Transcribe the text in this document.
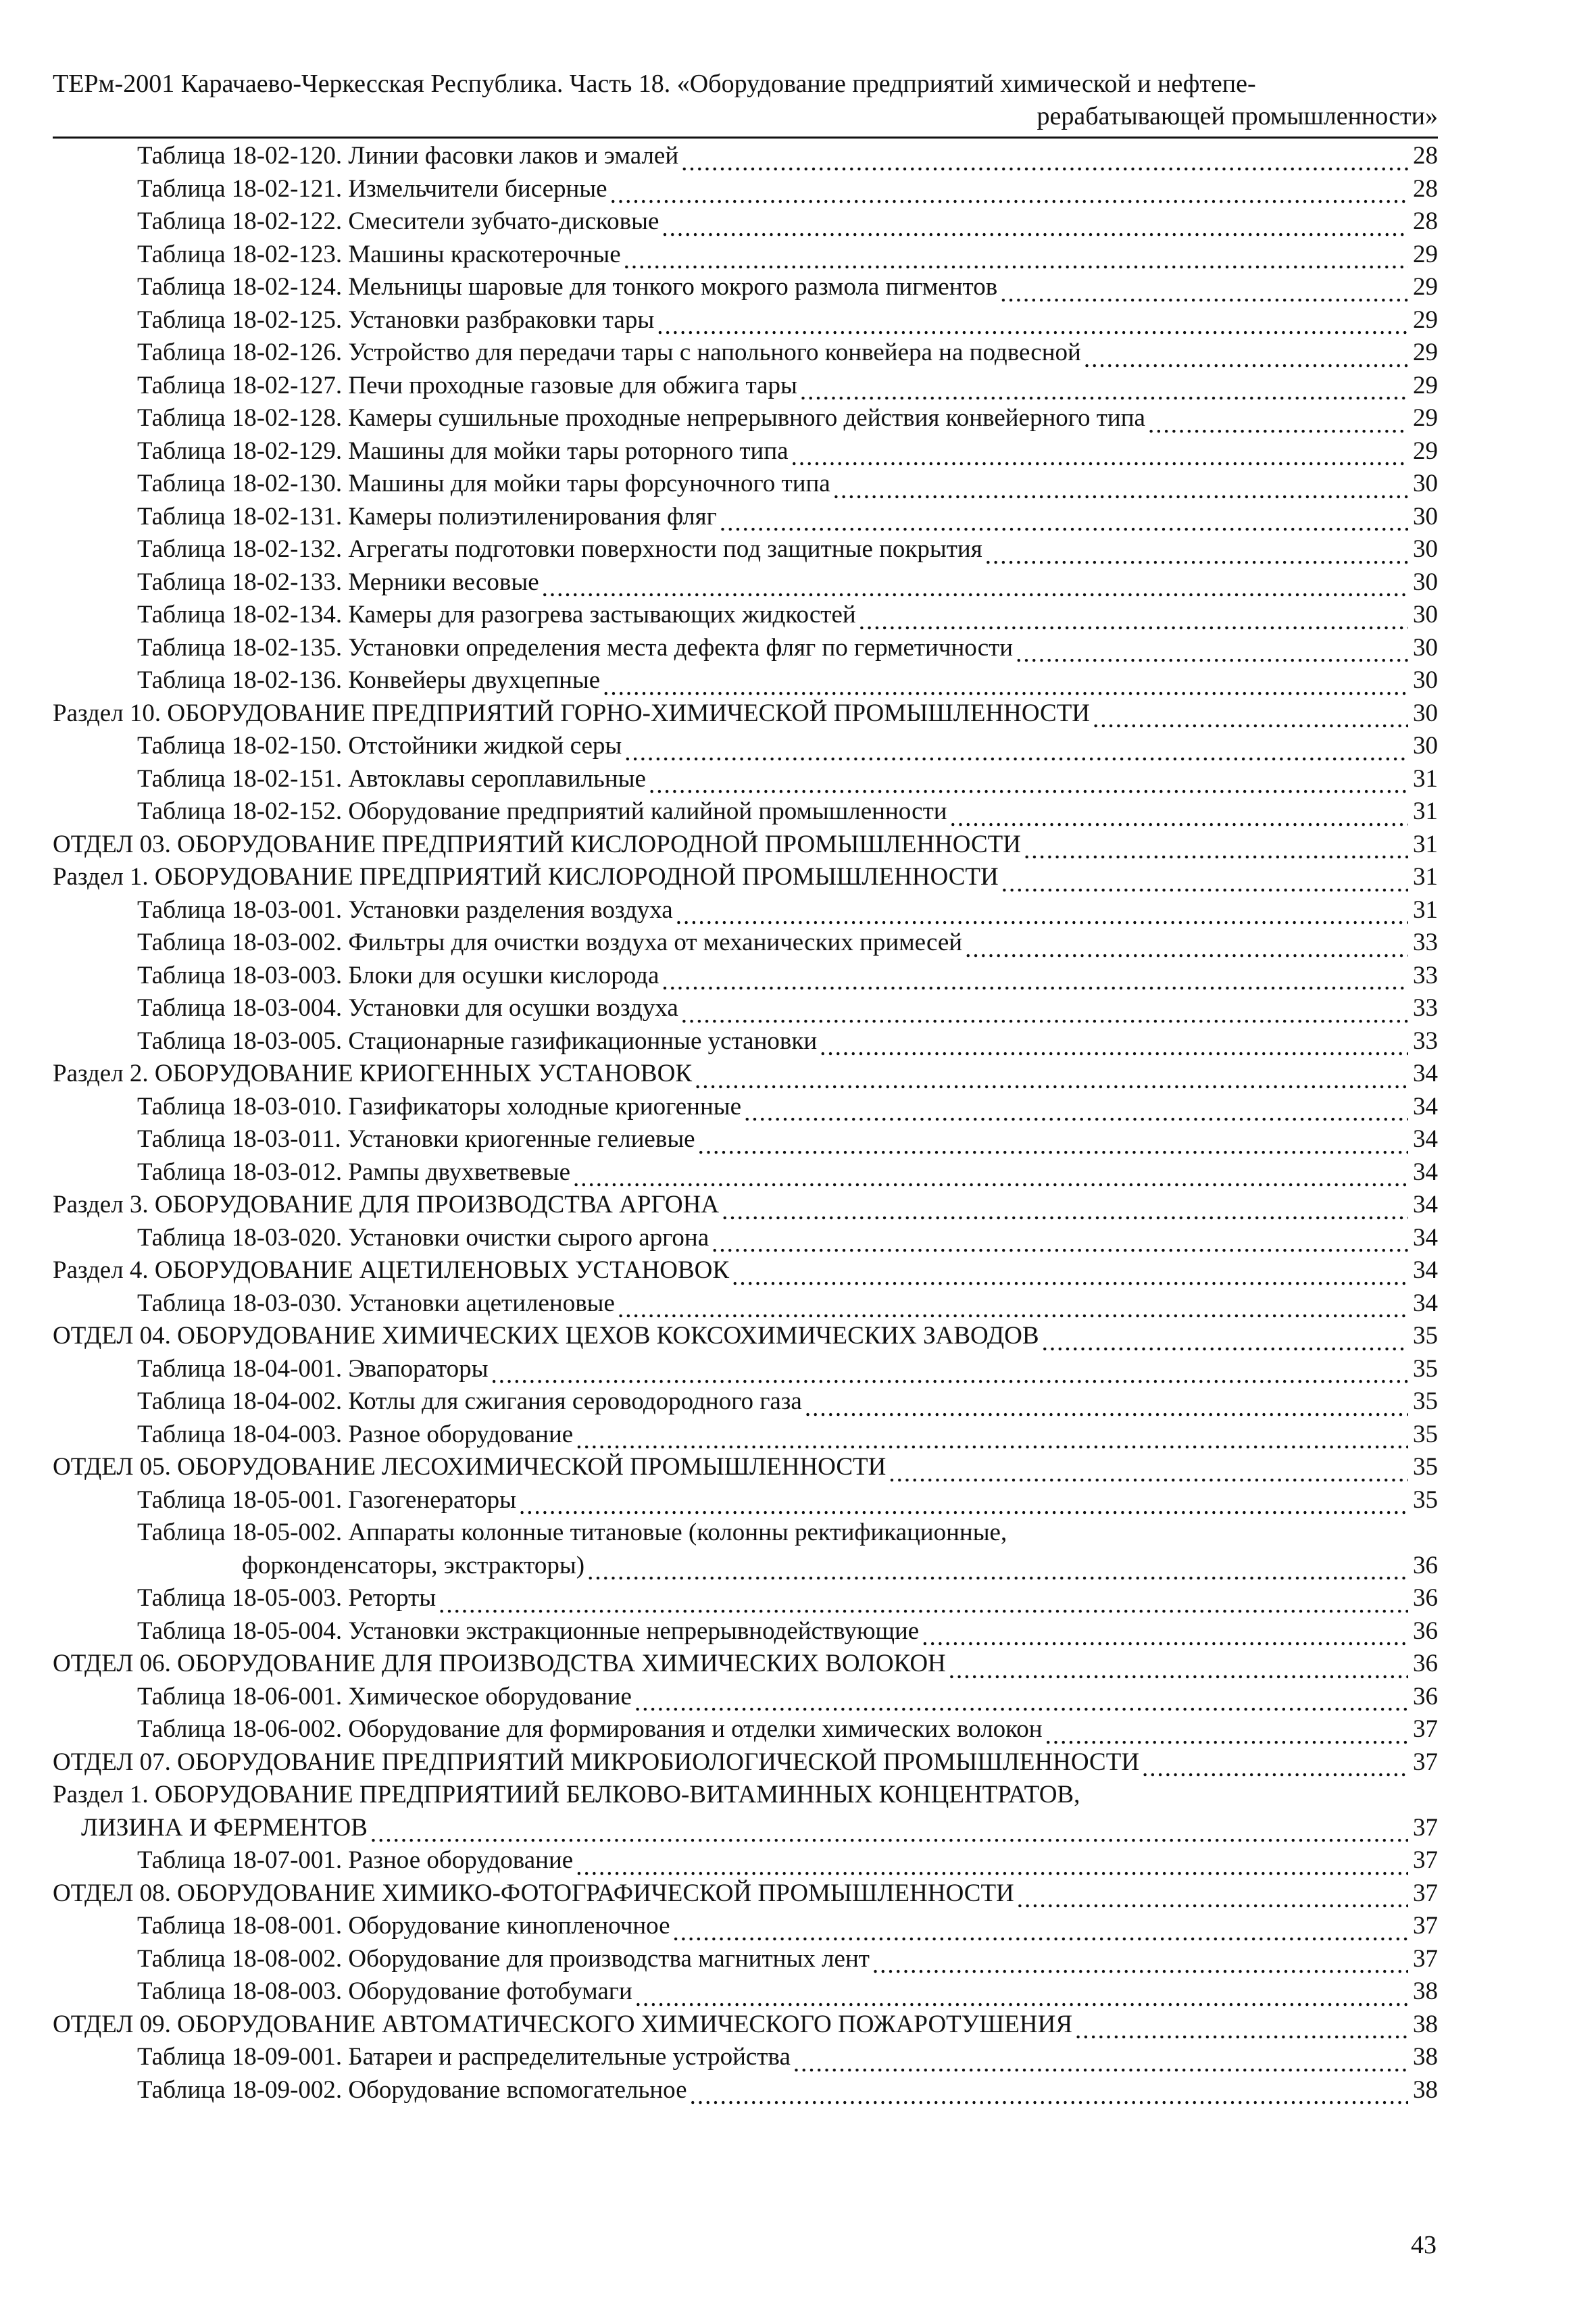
ТЕРм-2001 Карачаево-Черкесская Республика. Часть 18. «Оборудование предприятий химической и нефтепе-
рерабатывающей промышленности»
Таблица 18-02-120. Линии фасовки лаков и эмалей .....	28
Таблица 18-02-121. Измельчители бисерные .....	28
Таблица 18-02-122. Смесители зубчато-дисковые .....	28
Таблица 18-02-123. Машины краскотерочные .....	29
Таблица 18-02-124. Мельницы шаровые для тонкого мокрого размола пигментов .....	29
Таблица 18-02-125. Установки разбраковки тары .....	29
Таблица 18-02-126. Устройство для передачи тары с напольного конвейера на подвесной .....	29
Таблица 18-02-127. Печи проходные газовые для обжига тары .....	29
Таблица 18-02-128. Камеры сушильные проходные непрерывного действия конвейерного типа .....	29
Таблица 18-02-129. Машины для мойки тары роторного типа .....	29
Таблица 18-02-130. Машины для мойки тары форсуночного типа .....	30
Таблица 18-02-131. Камеры полиэтиленирования фляг .....	30
Таблица 18-02-132. Агрегаты подготовки поверхности под защитные покрытия .....	30
Таблица 18-02-133. Мерники весовые .....	30
Таблица 18-02-134. Камеры для разогрева застывающих жидкостей .....	30
Таблица 18-02-135. Установки определения места дефекта фляг по герметичности .....	30
Таблица 18-02-136. Конвейеры двухцепные .....	30
Раздел 10. ОБОРУДОВАНИЕ ПРЕДПРИЯТИЙ ГОРНО-ХИМИЧЕСКОЙ ПРОМЫШЛЕННОСТИ .....	30
Таблица 18-02-150. Отстойники жидкой серы .....	30
Таблица 18-02-151. Автоклавы сероплавильные .....	31
Таблица 18-02-152. Оборудование предприятий калийной промышленности .....	31
ОТДЕЛ 03. ОБОРУДОВАНИЕ ПРЕДПРИЯТИЙ КИСЛОРОДНОЙ ПРОМЫШЛЕННОСТИ .....	31
Раздел 1. ОБОРУДОВАНИЕ ПРЕДПРИЯТИЙ КИСЛОРОДНОЙ ПРОМЫШЛЕННОСТИ .....	31
Таблица 18-03-001. Установки разделения воздуха .....	31
Таблица 18-03-002. Фильтры для очистки воздуха от механических примесей .....	33
Таблица 18-03-003. Блоки для осушки кислорода .....	33
Таблица 18-03-004. Установки для осушки воздуха .....	33
Таблица 18-03-005. Стационарные газификационные установки .....	33
Раздел 2. ОБОРУДОВАНИЕ КРИОГЕННЫХ УСТАНОВОК .....	34
Таблица 18-03-010. Газификаторы холодные криогенные .....	34
Таблица 18-03-011. Установки криогенные гелиевые .....	34
Таблица 18-03-012. Рампы двухветвевые .....	34
Раздел 3. ОБОРУДОВАНИЕ ДЛЯ ПРОИЗВОДСТВА АРГОНА .....	34
Таблица 18-03-020. Установки очистки сырого аргона .....	34
Раздел 4. ОБОРУДОВАНИЕ АЦЕТИЛЕНОВЫХ УСТАНОВОК .....	34
Таблица 18-03-030. Установки ацетиленовые .....	34
ОТДЕЛ 04. ОБОРУДОВАНИЕ ХИМИЧЕСКИХ ЦЕХОВ КОКСОХИМИЧЕСКИХ ЗАВОДОВ .....	35
Таблица 18-04-001. Эвапораторы .....	35
Таблица 18-04-002. Котлы для сжигания сероводородного газа .....	35
Таблица 18-04-003. Разное оборудование .....	35
ОТДЕЛ 05. ОБОРУДОВАНИЕ ЛЕСОХИМИЧЕСКОЙ ПРОМЫШЛЕННОСТИ .....	35
Таблица 18-05-001. Газогенераторы .....	35
Таблица 18-05-002. Аппараты колонные титановые (колонны ректификационные,
форконденсаторы, экстракторы) .....	36
Таблица 18-05-003. Реторты .....	36
Таблица 18-05-004. Установки экстракционные непрерывнодействующие .....	36
ОТДЕЛ 06. ОБОРУДОВАНИЕ ДЛЯ ПРОИЗВОДСТВА ХИМИЧЕСКИХ ВОЛОКОН .....	36
Таблица 18-06-001. Химическое оборудование .....	36
Таблица 18-06-002. Оборудование для формирования и отделки химических волокон .....	37
ОТДЕЛ 07. ОБОРУДОВАНИЕ ПРЕДПРИЯТИЙ МИКРОБИОЛОГИЧЕСКОЙ ПРОМЫШЛЕННОСТИ .....	37
Раздел 1. ОБОРУДОВАНИЕ ПРЕДПРИЯТИИЙ БЕЛКОВО-ВИТАМИННЫХ КОНЦЕНТРАТОВ,
ЛИЗИНА И ФЕРМЕНТОВ .....	37
Таблица 18-07-001. Разное оборудование .....	37
ОТДЕЛ 08. ОБОРУДОВАНИЕ ХИМИКО-ФОТОГРАФИЧЕСКОЙ ПРОМЫШЛЕННОСТИ .....	37
Таблица 18-08-001. Оборудование кинопленочное .....	37
Таблица 18-08-002. Оборудование для производства магнитных лент .....	37
Таблица 18-08-003. Оборудование фотобумаги .....	38
ОТДЕЛ 09. ОБОРУДОВАНИЕ АВТОМАТИЧЕСКОГО ХИМИЧЕСКОГО ПОЖАРОТУШЕНИЯ .....	38
Таблица 18-09-001. Батареи и распределительные устройства .....	38
Таблица 18-09-002. Оборудование вспомогательное .....	38
43
